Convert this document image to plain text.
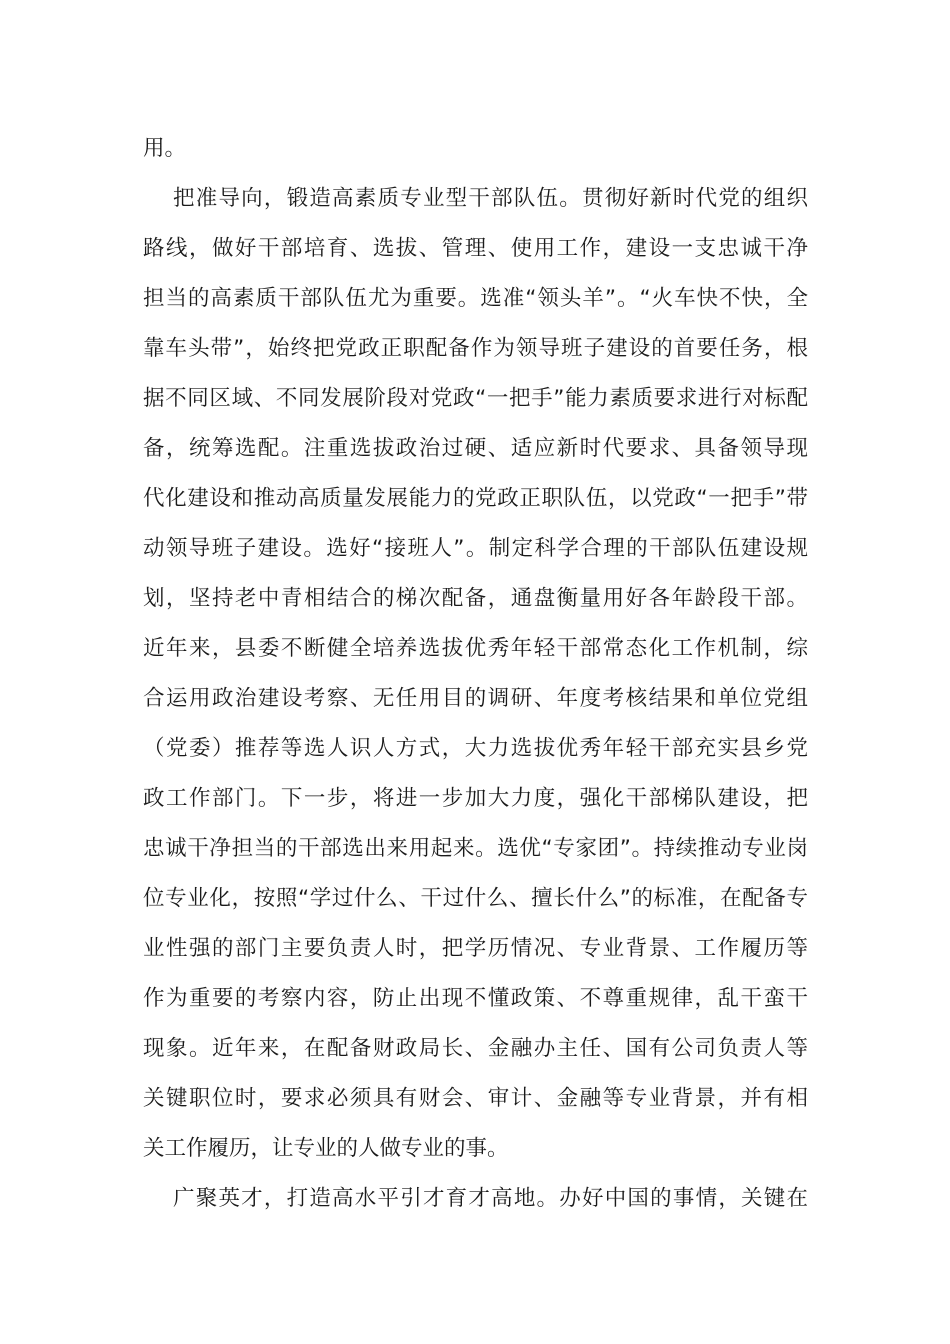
用。
把准导向，锻造高素质专业型干部队伍。贯彻好新时代党的组织
路线，做好干部培育、选拔、管理、使用工作，建设一支忠诚干净
担当的高素质干部队伍尤为重要。选准“领头羊”。“火车快不快，全
靠车头带”，始终把党政正职配备作为领导班子建设的首要任务，根
据不同区域、不同发展阶段对党政“一把手”能力素质要求进行对标配
备，统筹选配。注重选拔政治过硬、适应新时代要求、具备领导现
代化建设和推动高质量发展能力的党政正职队伍，以党政“一把手”带
动领导班子建设。选好“接班人”。制定科学合理的干部队伍建设规
划，坚持老中青相结合的梯次配备，通盘衡量用好各年龄段干部。
近年来，县委不断健全培养选拔优秀年轻干部常态化工作机制，综
合运用政治建设考察、无任用目的调研、年度考核结果和单位党组
（党委）推荐等选人识人方式，大力选拔优秀年轻干部充实县乡党
政工作部门。下一步，将进一步加大力度，强化干部梯队建设，把
忠诚干净担当的干部选出来用起来。选优“专家团”。持续推动专业岗
位专业化，按照“学过什么、干过什么、擅长什么”的标准，在配备专
业性强的部门主要负责人时，把学历情况、专业背景、工作履历等
作为重要的考察内容，防止出现不懂政策、不尊重规律，乱干蛮干
现象。近年来，在配备财政局长、金融办主任、国有公司负责人等
关键职位时，要求必须具有财会、审计、金融等专业背景，并有相
关工作履历，让专业的人做专业的事。
广聚英才，打造高水平引才育才高地。办好中国的事情，关键在
